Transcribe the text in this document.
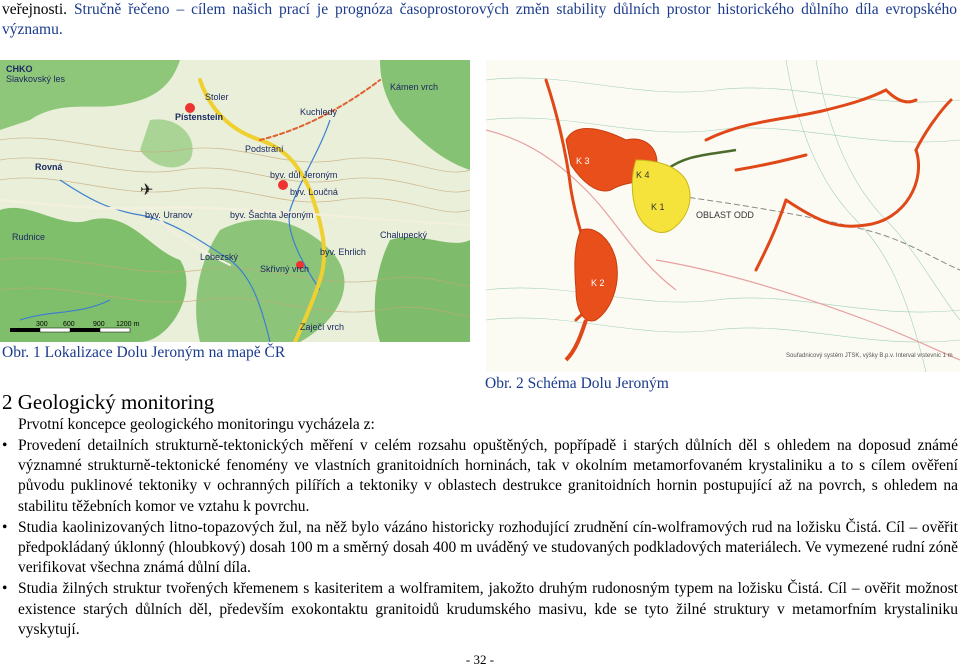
veřejnosti. Stručně řečeno – cílem našich prací je prognóza časoprostorových změn stability důlních prostor historického důlního díla evropského významu.
✈
CHKO
Slavkovský les
Stoler
Pístenstein	Kuchledy
Podstrání
Kámen vrch
Rovná
byv. důl Jeroným
byv. Loučná
byv. Šachta Jeroným
byv. Uranov
Chalupecký
Skřivný vrch
byv. Ehrlich
Zaječí vrch
Lobezský
Rudnice
300 600	900 1200 m
K 3
K 4
K 1
OBLAST ODD
K 2
Souřadnicový systém JTSK, výšky B.p.v. Interval vrstevnic 1 m
Obr. 1 Lokalizace Dolu Jeroným na mapě ČR
Obr. 2 Schéma Dolu Jeroným
2 Geologický monitoring
Prvotní koncepce geologického monitoringu vycházela z:
• Provedení detailních strukturně-tektonických měření v celém rozsahu opuštěných, popřípadě i starých důlních děl s ohledem na doposud známé významné strukturně-tektonické fenomény ve vlastních granitoidních horninách, tak v okolním metamorfovaném krystaliniku a to s cílem ověření původu puklinové tektoniky v ochranných pilířích a tektoniky v oblastech destrukce granitoidních hornin postupující až na povrch, s ohledem na stabilitu těžebních komor ve vztahu k povrchu.
• Studia kaolinizovaných litno-topazových žul, na něž bylo vázáno historicky rozhodující zrudnění cín-wolframových rud na ložisku Čistá. Cíl – ověřit předpokládaný úklonný (hloubkový) dosah 100 m a směrný dosah 400 m uváděný ve studovaných podkladových materiálech. Ve vymezené rudní zóně verifikovat všechna známá důlní díla.
• Studia žilných struktur tvořených křemenem s kasiteritem a wolframitem, jakožto druhým rudonosným typem na ložisku Čistá. Cíl – ověřit možnost existence starých důlních děl, především exokontaktu granitoidů krudumského masivu, kde se tyto žilné struktury v metamorfním krystaliniku vyskytují.
- 32 -
